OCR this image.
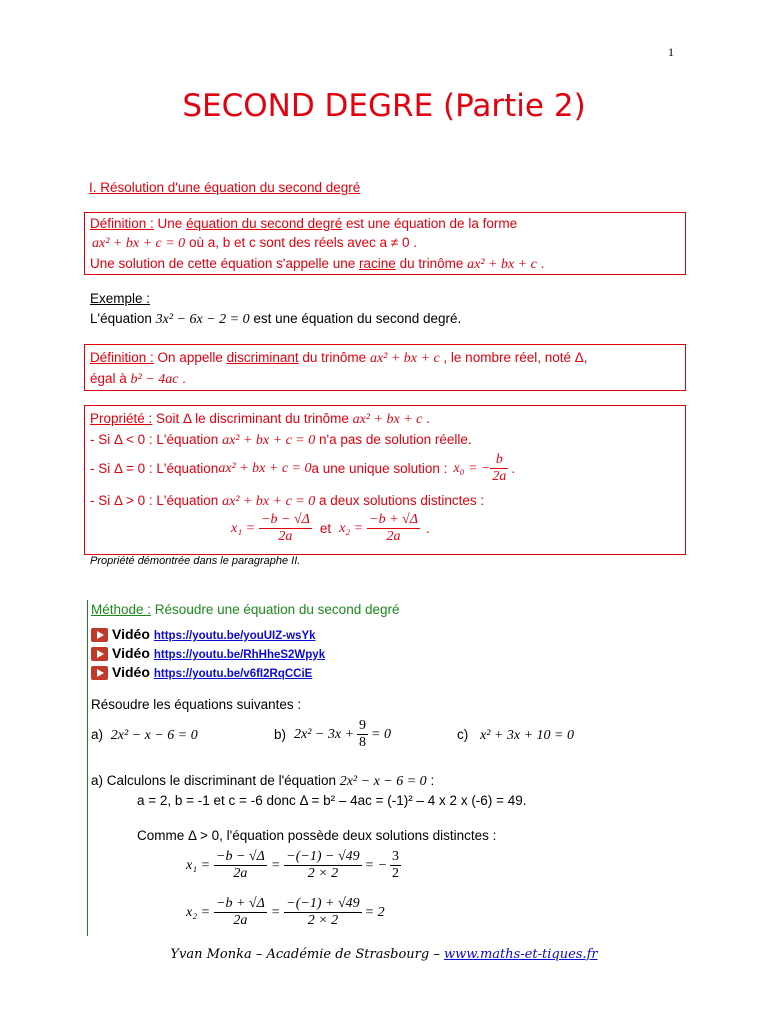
1
SECOND DEGRE (Partie 2)
I. Résolution d'une équation du second degré
Définition : Une équation du second degré est une équation de la forme
ax² + bx + c = 0 où a, b et c sont des réels avec a ≠ 0 .
Une solution de cette équation s'appelle une racine du trinôme ax² + bx + c .
Exemple :
L'équation 3x² − 6x − 2 = 0 est une équation du second degré.
Définition : On appelle discriminant du trinôme ax² + bx + c , le nombre réel, noté Δ,
égal à b² − 4ac .
Propriété : Soit Δ le discriminant du trinôme ax² + bx + c .
- Si Δ < 0 : L'équation ax² + bx + c = 0 n'a pas de solution réelle.
- Si Δ = 0 : L'équation ax² + bx + c = 0 a une unique solution : x₀ = − $\frac{b}{2a}$ .
- Si Δ > 0 : L'équation ax² + bx + c = 0 a deux solutions distinctes :
$x_1 = \frac{-b - √\Delta}{2a}$ et $x_2 = \frac{-b + √\Delta}{2a}$ .
Propriété démontrée dans le paragraphe II.
Méthode : Résoudre une équation du second degré
Vidéo https://youtu.be/youUIZ-wsYk
Vidéo https://youtu.be/RhHheS2Wpyk
Vidéo https://youtu.be/v6fI2RqCCiE
Résoudre les équations suivantes :
a) 2x² − x − 6 = 0	b) $2x^2 - 3x + \frac{9}{8} = 0$	c) x² + 3x + 10 = 0
a) Calculons le discriminant de l'équation 2x² − x − 6 = 0 :
a = 2, b = -1 et c = -6 donc Δ = b² – 4ac = (-1)² – 4 x 2 x (-6) = 49.
Comme Δ > 0, l'équation possède deux solutions distinctes :
$x_1 = \frac{-b - √\Delta}{2a} = \frac{-(-1) - √49}{2 \times 2}$ = − $\frac{3}{2}$
$x_2 = \frac{-b + √\Delta}{2a} = \frac{-(-1) + √49}{2 \times 2} = 2$
Yvan Monka – Académie de Strasbourg – www.maths-et-tiques.fr
